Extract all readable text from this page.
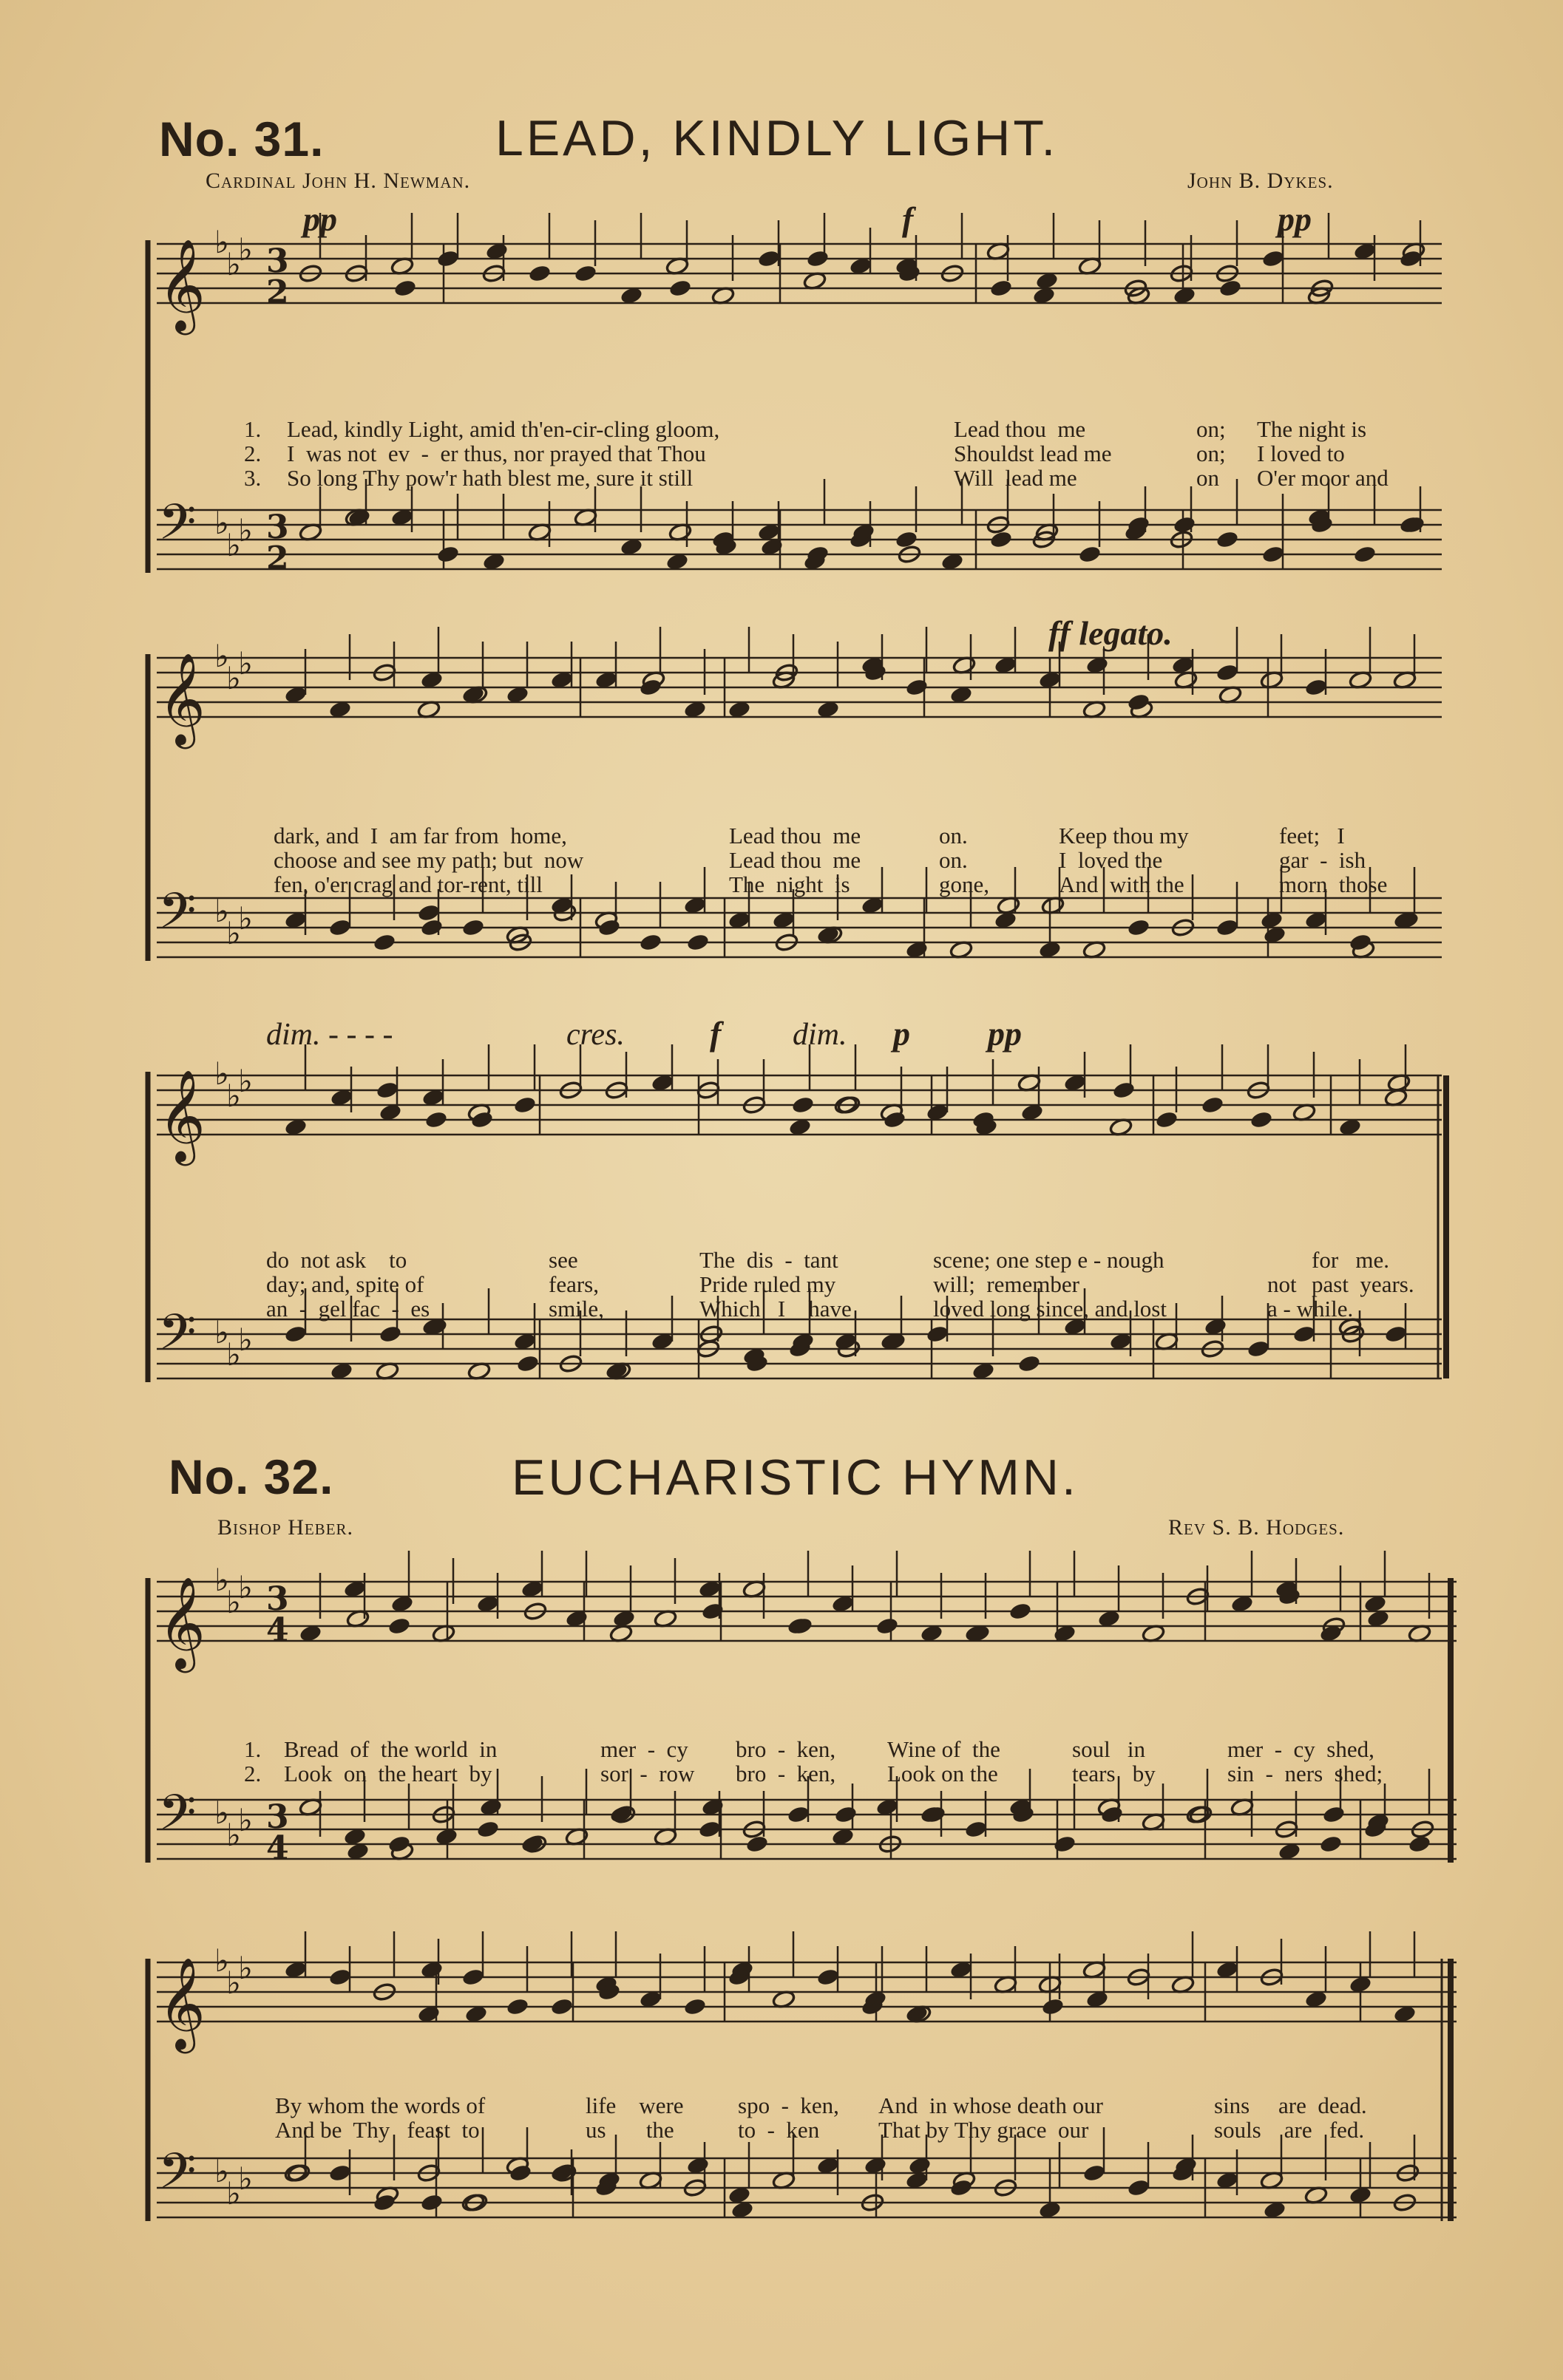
No. 31.	LEAD, KINDLY LIGHT.
Cardinal John H. Newman.	John B. Dykes.
pp	f	pp
ff legato.
dim. - - - -	cres.	f dim. p pp
𝄞
𝄢
𝄞
𝄢
𝄞
𝄢
𝄞
𝄢
𝄞
𝄢
♭
♭
♭
♭
♭
♭
♭
♭
♭
♭
♭
♭
♭
♭
♭
♭
♭
♭
♭
♭
♭
♭
♭
♭
♭
♭
♭
♭
♭
♭
3
2
3
2
3
4
3
4

1.
2.
3.

Lead, kindly Light, amid th'en-cir-cling gloom,
I  was not  ev  -  er thus, nor prayed that Thou
So long Thy pow'r hath blest me, sure it still

Lead thou  me
Shouldst lead me
Will  lead me

on;
on;
on

The night is
I loved to
O'er moor and

dark, and  I  am far from  home,
choose and see my path; but  now
fen, o'er crag and tor-rent, till

Lead thou  me
Lead thou  me
The  night  is

on.
on.
gone,

Keep thou my
I  loved the
And  with the

feet;   I
gar  -  ish
morn  those

do  not ask    to
day; and, spite of
an  -  gel fac  -  es

see
fears,
smile,

The  dis  -  tant
Pride ruled my
Which   I    have

scene; one step e - nough
will;  remember
loved long since, and lost

not
a - while.

for   me.
past  years.

No. 32.	EUCHARISTIC HYMN.
Bishop Heber.	Rev S. B. Hodges.

1.
2.

Bread  of  the world  in
Look  on  the heart  by

mer  -  cy
sor  -  row

bro  -  ken,
bro  -  ken,

Wine of  the
Look on the

soul   in
tears   by

mer  -  cy  shed,
sin  -  ners  shed;

By whom the words of
And be  Thy   feast  to

life    were
us       the

spo  -  ken,
to  -  ken

And  in whose death our
That by Thy grace  our

sins     are  dead.
souls    are   fed.
